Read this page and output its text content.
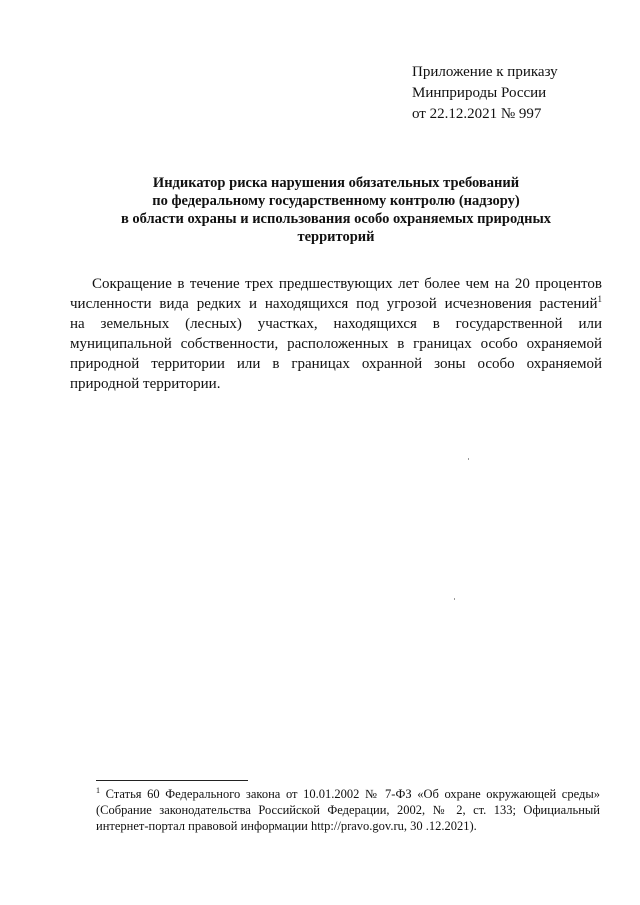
Приложение к приказу
Минприроды России
от 22.12.2021 № 997
Индикатор риска нарушения обязательных требований
по федеральному государственному контролю (надзору)
в области охраны и использования особо охраняемых природных
территорий
Сокращение в течение трех предшествующих лет более чем на 20 процентов
численности вида редких и находящихся под угрозой исчезновения растений$^1$
на земельных (лесных) участках, находящихся в государственной или
муниципальной собственности, расположенных в границах особо охраняемой
природной территории или в границах охранной зоны особо охраняемой
природной территории.
$^1$ Статья 60 Федерального закона от 10.01.2002 № 7-ФЗ «Об охране окружающей среды»
(Собрание законодательства Российской Федерации, 2002, № 2, ст. 133; Официальный
интернет-портал правовой информации http://pravo.gov.ru, 30 .12.2021).
